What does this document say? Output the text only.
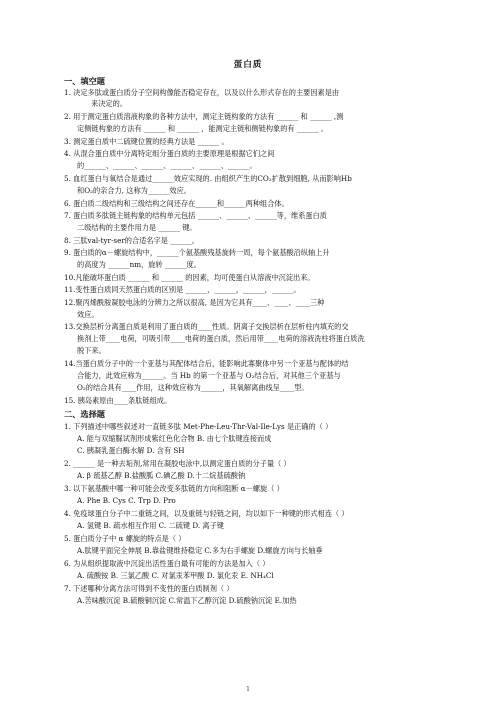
蛋白质
一、填空题
1. 决定多肽或蛋白质分子空间构像能否稳定存在，以及以什么形式存在的主要因素是由
来决定的。
2. 用于测定蛋白质溶液构象的各种方法中，测定主链构象的方法有 ______ 和 ______ ,测
定侧链构象的方法有 ______ 和 ______ ，能测定主链和侧链构象的有 ______ 。
3. 测定蛋白质中二硫键位置的经典方法是 ______ 。
4. 从混合蛋白质中分离特定组分蛋白质的主要原理是根据它们之间
的______、______、______、______、______、______。
5. 血红蛋白与氧结合是通过______效应实现的. 由组织产生的CO₂扩散到细胞, 从而影响Hb
和O₂的亲合力, 这称为______效应。
6. 蛋白质二级结构和三级结构之间还存在______和______两种组合体。
7. 蛋白质多肽链主链构象的结构单元包括 ______、______、______等，维系蛋白质
二级结构的主要作用力是 ______ 键。
8. 三肽val-tyr-ser的合适名字是 ______。
9. 蛋白质的α－螺旋结构中，______个氨基酸残基旋转一周，每个氨基酸沿纵轴上升
的高度为 ______nm，旋转 ______度。
10.凡能破坏蛋白质 ______ 和 ______ 的因素，均可使蛋白从溶液中沉淀出来。
11.变性蛋白质同天然蛋白质的区别是 ______，______，______，______。
12.聚丙烯酰胺凝胶电泳的分辨力之所以很高, 是因为它具有____、____、____三种
效应。
13.交换层析分离蛋白质是利用了蛋白质的____性质。阴离子交换层析在层析柱内填充的交
换剂上带____电荷，可吸引带____电荷的蛋白质，然后用带____电荷的溶液洗柱将蛋白质洗
脱下来。
14.当蛋白质分子中的一个亚基与其配体结合后，能影响此寡聚体中另一个亚基与配体的结
合能力，此效应称为______。当 Hb 的第一个亚基与 O₂结合后，对其他三个亚基与
O₂的结合具有____作用，这种效应称为______，其氧解离曲线呈____型。
15. 胰岛素原由____条肽链组成。
二、选择题
1. 下列描述中哪些叙述对一直链多肽 Met-Phe-Leu-Thr-Val-Ile-Lys 是正确的（ ）
A. 能与双缩脲试剂形成紫红色化合物 B. 由七个肽键连接而成
C. 胰凝乳蛋白酶水解 D. 含有 SH
2. ______ 是一种去垢剂,常用在凝胶电泳中,以测定蛋白质的分子量（ ）
A. β 巯基乙醇 B.盐酸胍 C.碘乙酸 D.十二烷基硫酸钠
3. 以下氨基酸中哪一种可能会改变多肽链的方向和阻断 α－螺旋（ ）
A. Phe B. Cys C. Trp D. Pro
4. 免疫球蛋白分子中二重链之间，以及重链与轻链之间，均以如下一种键的形式相连（ ）
A. 氢键 B. 疏水相互作用 C. 二硫键 D. 离子键
5. 蛋白质分子中 α 螺旋的特点是（ ）
A.肽键平面完全伸展 B.靠盐键维持稳定 C.多为右手螺旋 D.螺旋方向与长轴垂
6. 为从组织提取液中沉淀出活性蛋白最有可能的方法是加入（ ）
A. 硫酸铵 B. 三氯乙酸 C. 对氯汞苯甲酸 D. 氯化汞 E. NH₄Cl
7. 下述哪种分离方法可得到不变性的蛋白质制剂（ ）
A.苦味酸沉淀 B.硫酸铜沉淀 C.常温下乙醇沉淀 D.硫酸钠沉淀 E.加热
1
